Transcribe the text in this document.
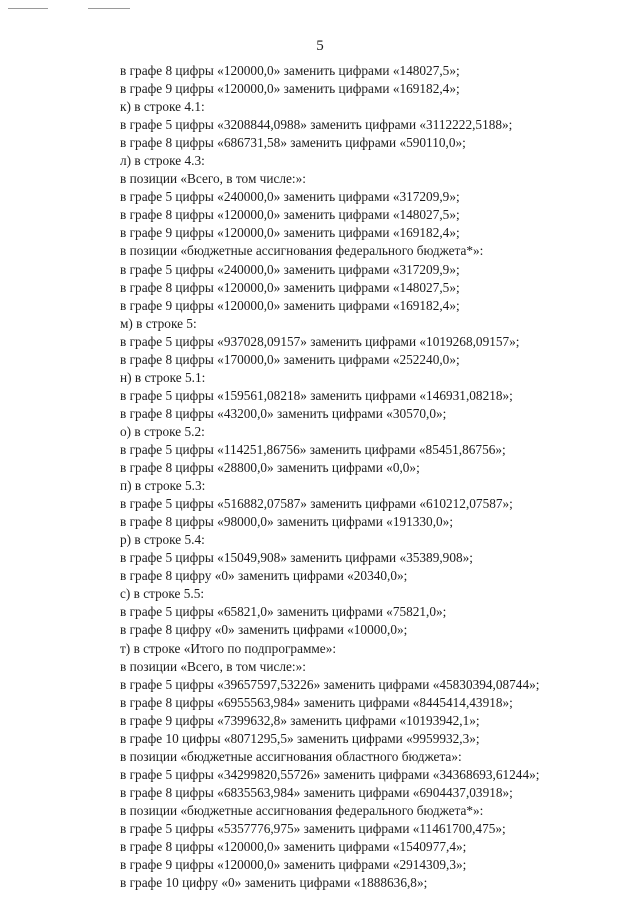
5
в графе 8 цифры «120000,0» заменить цифрами «148027,5»;
в графе 9 цифры «120000,0» заменить цифрами «169182,4»;
к) в строке 4.1:
в графе 5 цифры «3208844,0988» заменить цифрами «3112222,5188»;
в графе 8 цифры «686731,58» заменить цифрами «590110,0»;
л) в строке 4.3:
в позиции «Всего, в том числе:»:
в графе 5 цифры «240000,0» заменить цифрами «317209,9»;
в графе 8 цифры «120000,0» заменить цифрами «148027,5»;
в графе 9 цифры «120000,0» заменить цифрами «169182,4»;
в позиции «бюджетные ассигнования федерального бюджета*»:
в графе 5 цифры «240000,0» заменить цифрами «317209,9»;
в графе 8 цифры «120000,0» заменить цифрами «148027,5»;
в графе 9 цифры «120000,0» заменить цифрами «169182,4»;
м) в строке 5:
в графе 5 цифры «937028,09157» заменить цифрами «1019268,09157»;
в графе 8 цифры «170000,0» заменить цифрами «252240,0»;
н) в строке 5.1:
в графе 5 цифры «159561,08218» заменить цифрами «146931,08218»;
в графе 8 цифры «43200,0» заменить цифрами «30570,0»;
о) в строке 5.2:
в графе 5 цифры «114251,86756» заменить цифрами «85451,86756»;
в графе 8 цифры «28800,0» заменить цифрами «0,0»;
п) в строке 5.3:
в графе 5 цифры «516882,07587» заменить цифрами «610212,07587»;
в графе 8 цифры «98000,0» заменить цифрами «191330,0»;
р) в строке 5.4:
в графе 5 цифры «15049,908» заменить цифрами «35389,908»;
в графе 8 цифру «0» заменить цифрами «20340,0»;
с) в строке 5.5:
в графе 5 цифры «65821,0» заменить цифрами «75821,0»;
в графе 8 цифру «0» заменить цифрами «10000,0»;
т) в строке «Итого по подпрограмме»:
в позиции «Всего, в том числе:»:
в графе 5 цифры «39657597,53226» заменить цифрами «45830394,08744»;
в графе 8 цифры «6955563,984» заменить цифрами «8445414,43918»;
в графе 9 цифры «7399632,8» заменить цифрами «10193942,1»;
в графе 10 цифры «8071295,5» заменить цифрами «9959932,3»;
в позиции «бюджетные ассигнования областного бюджета»:
в графе 5 цифры «34299820,55726» заменить цифрами «34368693,61244»;
в графе 8 цифры «6835563,984» заменить цифрами «6904437,03918»;
в позиции «бюджетные ассигнования федерального бюджета*»:
в графе 5 цифры «5357776,975» заменить цифрами «11461700,475»;
в графе 8 цифры «120000,0» заменить цифрами «1540977,4»;
в графе 9 цифры «120000,0» заменить цифрами «2914309,3»;
в графе 10 цифру «0» заменить цифрами «1888636,8»;
